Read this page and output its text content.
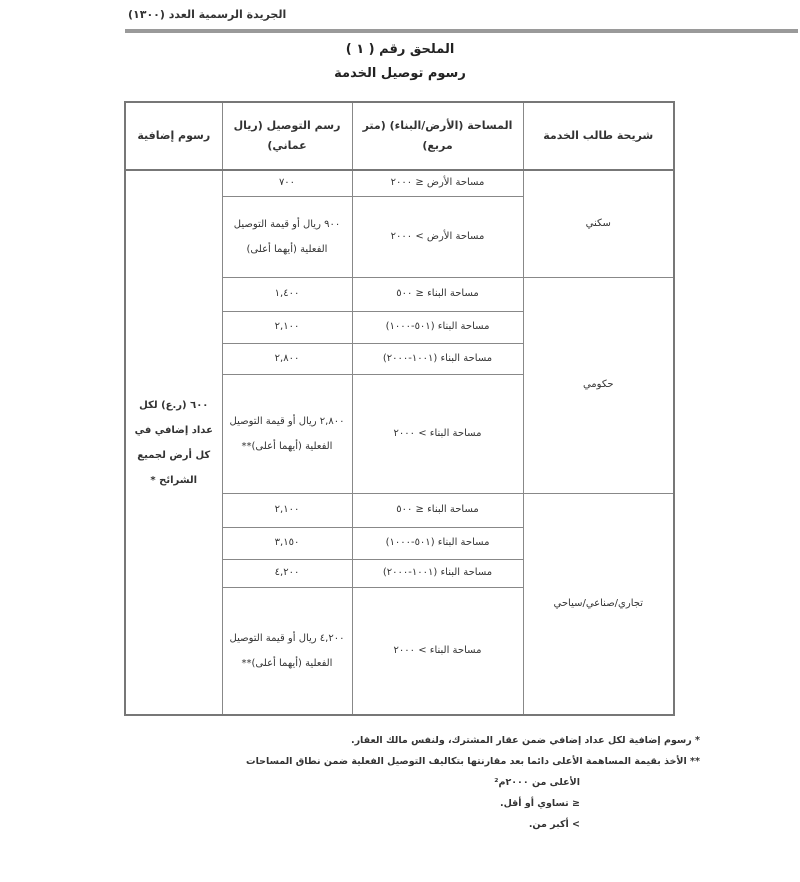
الجريدة الرسمية العدد (١٣٠٠)
الملحق رقم ( ١ )
رسوم توصيل الخدمة
شريحة طالب الخدمة	المساحة (الأرض/البناء) (متر مربع)	رسم التوصيل (ريال عماني)	رسوم إضافية
سكني	مساحة الأرض ≤ ٢٠٠٠	٧٠٠	٦٠٠ (ر.ع) لكل عداد إضافي في كل أرض لجميع الشرائح *
	مساحة الأرض > ٢٠٠٠	٩٠٠ ريال أو قيمة التوصيل الفعلية (أيهما أعلى)	
حكومي	مساحة البناء ≤ ٥٠٠	١,٤٠٠	
	مساحة البناء (٥٠١-١٠٠٠)	٢,١٠٠	
	مساحة البناء (١٠٠١-٢٠٠٠)	٢,٨٠٠	
	مساحة البناء > ٢٠٠٠	٢,٨٠٠ ريال أو قيمة التوصيل الفعلية (أيهما أعلى)**	
تجاري/صناعي/سياحي	مساحة البناء ≤ ٥٠٠	٢,١٠٠	
	مساحة البناء (٥٠١-١٠٠٠)	٣,١٥٠	
	مساحة البناء (١٠٠١-٢٠٠٠)	٤,٢٠٠	
	مساحة البناء > ٢٠٠٠	٤,٢٠٠ ريال أو قيمة التوصيل الفعلية (أيهما أعلى)**	
* رسوم إضافية لكل عداد إضافي ضمن عقار المشترك، ولنفس مالك العقار.
** الأخذ بقيمة المساهمة الأعلى دائما بعد مقارنتها بتكاليف التوصيل الفعلية ضمن نطاق المساحات
الأعلى من ٢٠٠٠م²
≤ تساوي أو أقل.
> أكبر من.
